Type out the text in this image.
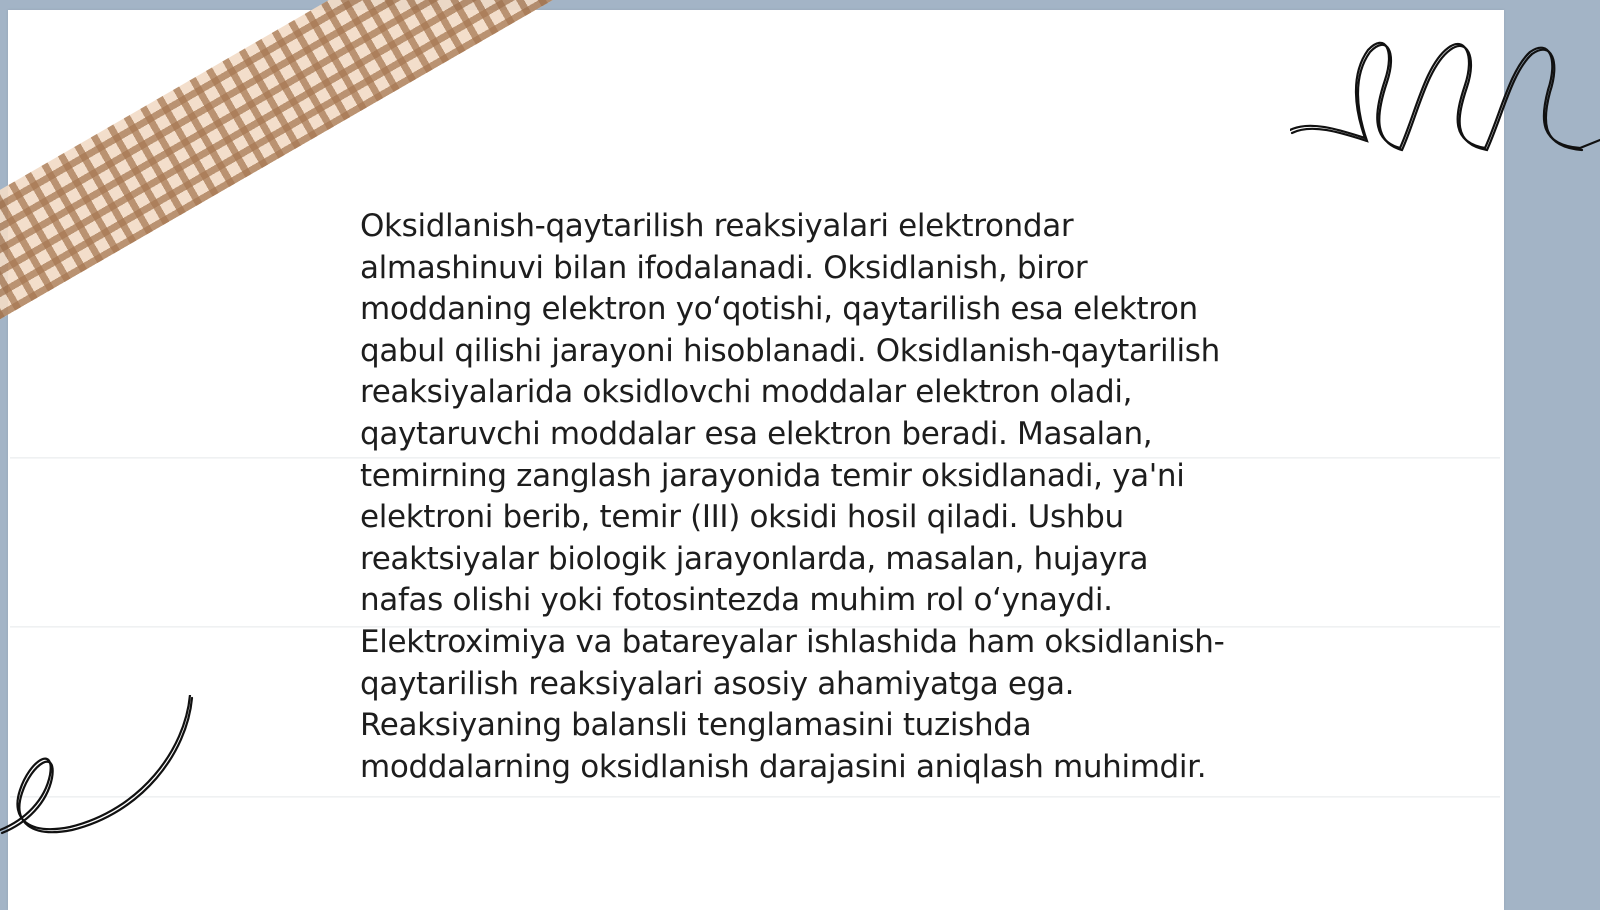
Oksidlanish-qaytarilish reaksiyalari elektrondar almashinuvi bilan ifodalanadi. Oksidlanish, biror moddaning elektron yo‘qotishi, qaytarilish esa elektron qabul qilishi jarayoni hisoblanadi. Oksidlanish-qaytarilish reaksiyalarida oksidlovchi moddalar elektron oladi, qaytaruvchi moddalar esa elektron beradi. Masalan, temirning zanglash jarayonida temir oksidlanadi, ya'ni elektroni berib, temir (III) oksidi hosil qiladi. Ushbu reaktsiyalar biologik jarayonlarda, masalan, hujayra nafas olishi yoki fotosintezda muhim rol o‘ynaydi. Elektroximiya va batareyalar ishlashida ham oksidlanish-qaytarilish reaksiyalari asosiy ahamiyatga ega. Reaksiyaning balansli tenglamasini tuzishda moddalarning oksidlanish darajasini aniqlash muhimdir.
